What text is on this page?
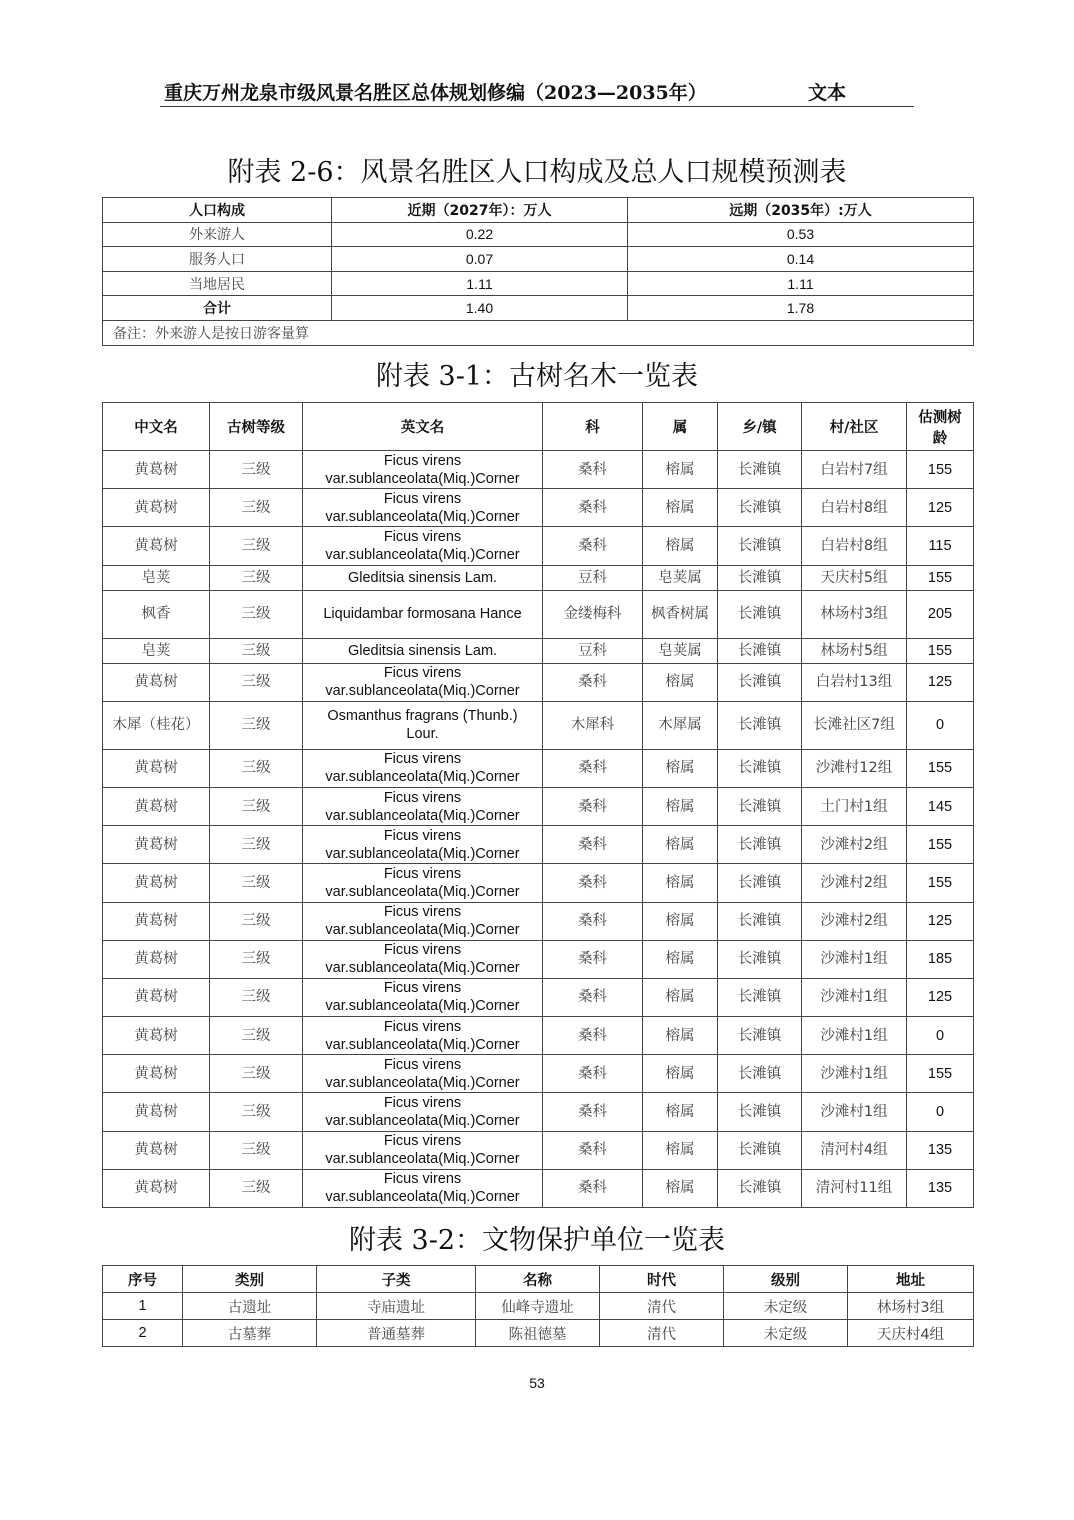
重庆万州龙泉市级风景名胜区总体规划修编（2023—2035年）	文本
附表 2-6：风景名胜区人口构成及总人口规模预测表
人口构成	近期（2027年）：万人	远期（2035年）:万人
外来游人	0.22	0.53
服务人口	0.07	0.14
当地居民	1.11	1.11
合计	1.40	1.78
备注：外来游人是按日游客量算		
附表 3-1：古树名木一览表
中文名	古树等级	英文名	科	属	乡/镇	村/社区	估测树龄
黄葛树	三级	Ficus virens var.sublanceolata(Miq.)Corner	桑科	榕属	长滩镇	白岩村7组	155
黄葛树	三级	Ficus virens var.sublanceolata(Miq.)Corner	桑科	榕属	长滩镇	白岩村8组	125
黄葛树	三级	Ficus virens var.sublanceolata(Miq.)Corner	桑科	榕属	长滩镇	白岩村8组	115
皂荚	三级	Gleditsia sinensis Lam.	豆科	皂荚属	长滩镇	天庆村5组	155
枫香	三级	Liquidambar formosana Hance	金缕梅科	枫香树属	长滩镇	林场村3组	205
皂荚	三级	Gleditsia sinensis Lam.	豆科	皂荚属	长滩镇	林场村5组	155
黄葛树	三级	Ficus virens var.sublanceolata(Miq.)Corner	桑科	榕属	长滩镇	白岩村13组	125
木犀（桂花）	三级	Osmanthus fragrans (Thunb.) Lour.	木犀科	木犀属	长滩镇	长滩社区7组	0
黄葛树	三级	Ficus virens var.sublanceolata(Miq.)Corner	桑科	榕属	长滩镇	沙滩村12组	155
黄葛树	三级	Ficus virens var.sublanceolata(Miq.)Corner	桑科	榕属	长滩镇	土门村1组	145
黄葛树	三级	Ficus virens var.sublanceolata(Miq.)Corner	桑科	榕属	长滩镇	沙滩村2组	155
黄葛树	三级	Ficus virens var.sublanceolata(Miq.)Corner	桑科	榕属	长滩镇	沙滩村2组	155
黄葛树	三级	Ficus virens var.sublanceolata(Miq.)Corner	桑科	榕属	长滩镇	沙滩村2组	125
黄葛树	三级	Ficus virens var.sublanceolata(Miq.)Corner	桑科	榕属	长滩镇	沙滩村1组	185
黄葛树	三级	Ficus virens var.sublanceolata(Miq.)Corner	桑科	榕属	长滩镇	沙滩村1组	125
黄葛树	三级	Ficus virens var.sublanceolata(Miq.)Corner	桑科	榕属	长滩镇	沙滩村1组	0
黄葛树	三级	Ficus virens var.sublanceolata(Miq.)Corner	桑科	榕属	长滩镇	沙滩村1组	155
黄葛树	三级	Ficus virens var.sublanceolata(Miq.)Corner	桑科	榕属	长滩镇	沙滩村1组	0
黄葛树	三级	Ficus virens var.sublanceolata(Miq.)Corner	桑科	榕属	长滩镇	清河村4组	135
黄葛树	三级	Ficus virens var.sublanceolata(Miq.)Corner	桑科	榕属	长滩镇	清河村11组	135
附表 3-2：文物保护单位一览表
序号	类别	子类	名称	时代	级别	地址
1	古遗址	寺庙遗址	仙峰寺遗址	清代	未定级	林场村3组
2	古墓葬	普通墓葬	陈祖德墓	清代	未定级	天庆村4组
53
